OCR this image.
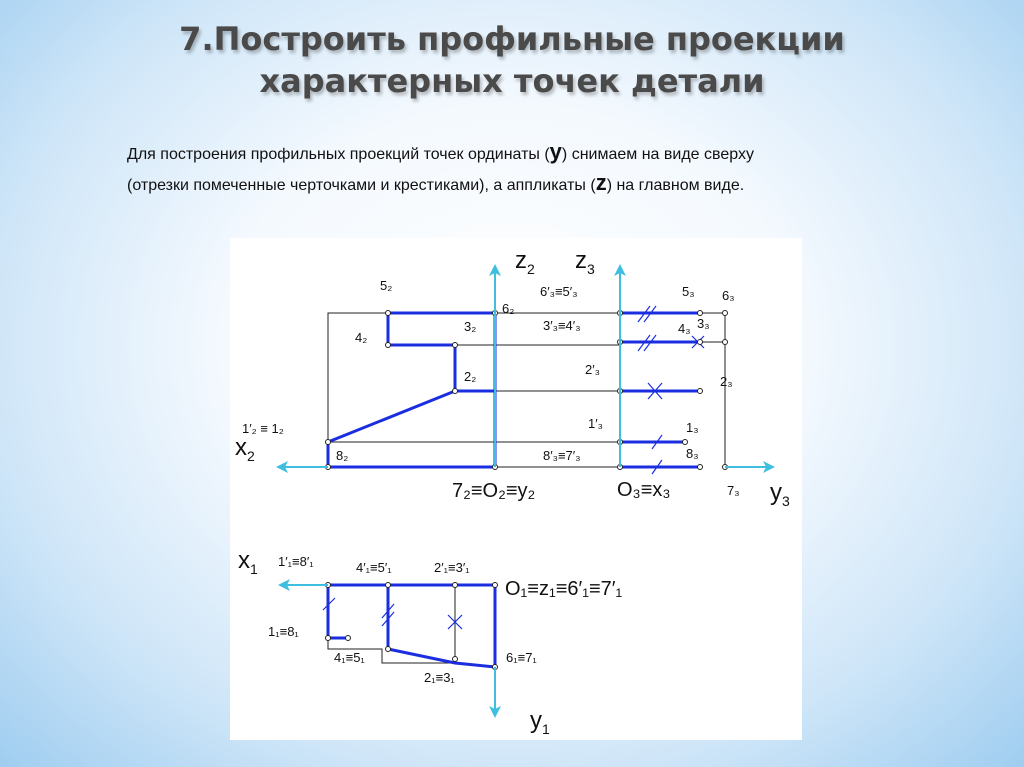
7.Построить профильные проекции
характерных точек детали
Для построения профильных проекций точек ординаты (y) снимаем на виде сверху
(отрезки помеченные черточками и крестиками), а аппликаты (z) на главном виде.
$z_2$ $z_3$
$x_2$
$y_3$
$x_1$
$y_1$
7₂≡O₂≡y₂	O₃≡x₃	7₃
O₁≡z₁≡6′₁≡7′₁
5₂
6₂
4₂
3₂
2₂
1′₂ ≡ 1₂
8₂
6′₃≡5′₃
3′₃≡4′₃
2′₃
1′₃
8′₃≡7′₃
5₃ 6₃
4₃ 3₃
2₃
1₃
8₃
1′₁≡8′₁	4′₁≡5′₁	2′₁≡3′₁
1₁≡8₁
4₁≡5₁
2₁≡3₁
6₁≡7₁
